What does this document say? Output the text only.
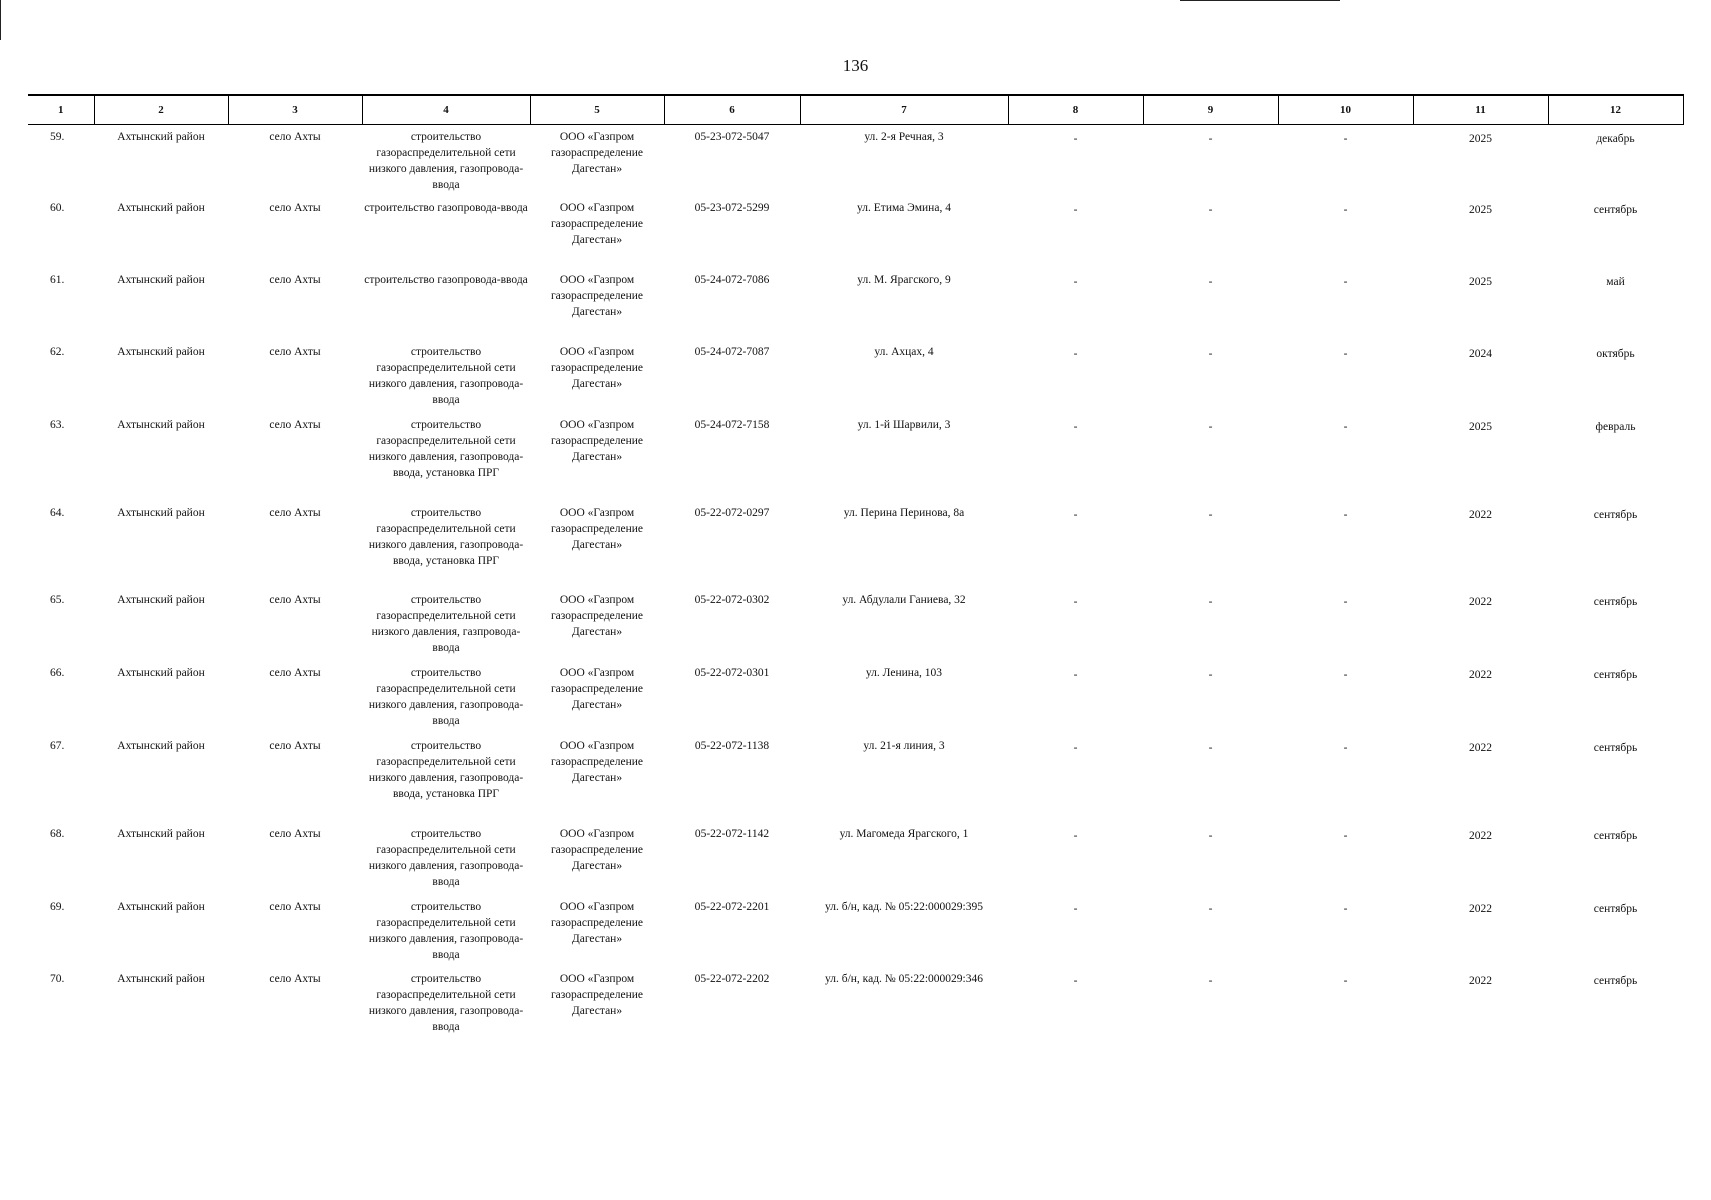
136
1	2	3	4	5	6	7	8	9	10	11	12
59.	Ахтынский район	село Ахты	строительство газораспределительной сети низкого давления, газопровода-ввода	ООО «Газпром газораспределение Дагестан»	05-23-072-5047	ул. 2-я Речная, 3	-	-	-	2025	декабрь
60.	Ахтынский район	село Ахты	строительство газопровода-ввода	ООО «Газпром газораспределение Дагестан»	05-23-072-5299	ул. Етима Эмина, 4	-	-	-	2025	сентябрь
61.	Ахтынский район	село Ахты	строительство газопровода-ввода	ООО «Газпром газораспределение Дагестан»	05-24-072-7086	ул. М. Ярагского, 9	-	-	-	2025	май
62.	Ахтынский район	село Ахты	строительство газораспределительной сети низкого давления, газопровода-ввода	ООО «Газпром газораспределение Дагестан»	05-24-072-7087	ул. Ахцах, 4	-	-	-	2024	октябрь
63.	Ахтынский район	село Ахты	строительство газораспределительной сети низкого давления, газопровода-ввода, установка ПРГ	ООО «Газпром газораспределение Дагестан»	05-24-072-7158	ул. 1-й Шарвили, 3	-	-	-	2025	февраль
64.	Ахтынский район	село Ахты	строительство газораспределительной сети низкого давления, газопровода-ввода, установка ПРГ	ООО «Газпром газораспределение Дагестан»	05-22-072-0297	ул. Перина Перинова, 8а	-	-	-	2022	сентябрь
65.	Ахтынский район	село Ахты	строительство газораспределительной сети низкого давления, газпровода-ввода	ООО «Газпром газораспределение Дагестан»	05-22-072-0302	ул. Абдулали Ганиева, 32	-	-	-	2022	сентябрь
66.	Ахтынский район	село Ахты	строительство газораспределительной сети низкого давления, газопровода-ввода	ООО «Газпром газораспределение Дагестан»	05-22-072-0301	ул. Ленина, 103	-	-	-	2022	сентябрь
67.	Ахтынский район	село Ахты	строительство газораспределительной сети низкого давления, газопровода-ввода, установка ПРГ	ООО «Газпром газораспределение Дагестан»	05-22-072-1138	ул. 21-я линия, 3	-	-	-	2022	сентябрь
68.	Ахтынский район	село Ахты	строительство газораспределительной сети низкого давления, газопровода-ввода	ООО «Газпром газораспределение Дагестан»	05-22-072-1142	ул. Магомеда Ярагского, 1	-	-	-	2022	сентябрь
69.	Ахтынский район	село Ахты	строительство газораспределительной сети низкого давления, газопровода-ввода	ООО «Газпром газораспределение Дагестан»	05-22-072-2201	ул. б/н, кад. № 05:22:000029:395	-	-	-	2022	сентябрь
70.	Ахтынский район	село Ахты	строительство газораспределительной сети низкого давления, газопровода-ввода	ООО «Газпром газораспределение Дагестан»	05-22-072-2202	ул. б/н, кад. № 05:22:000029:346	-	-	-	2022	сентябрь
